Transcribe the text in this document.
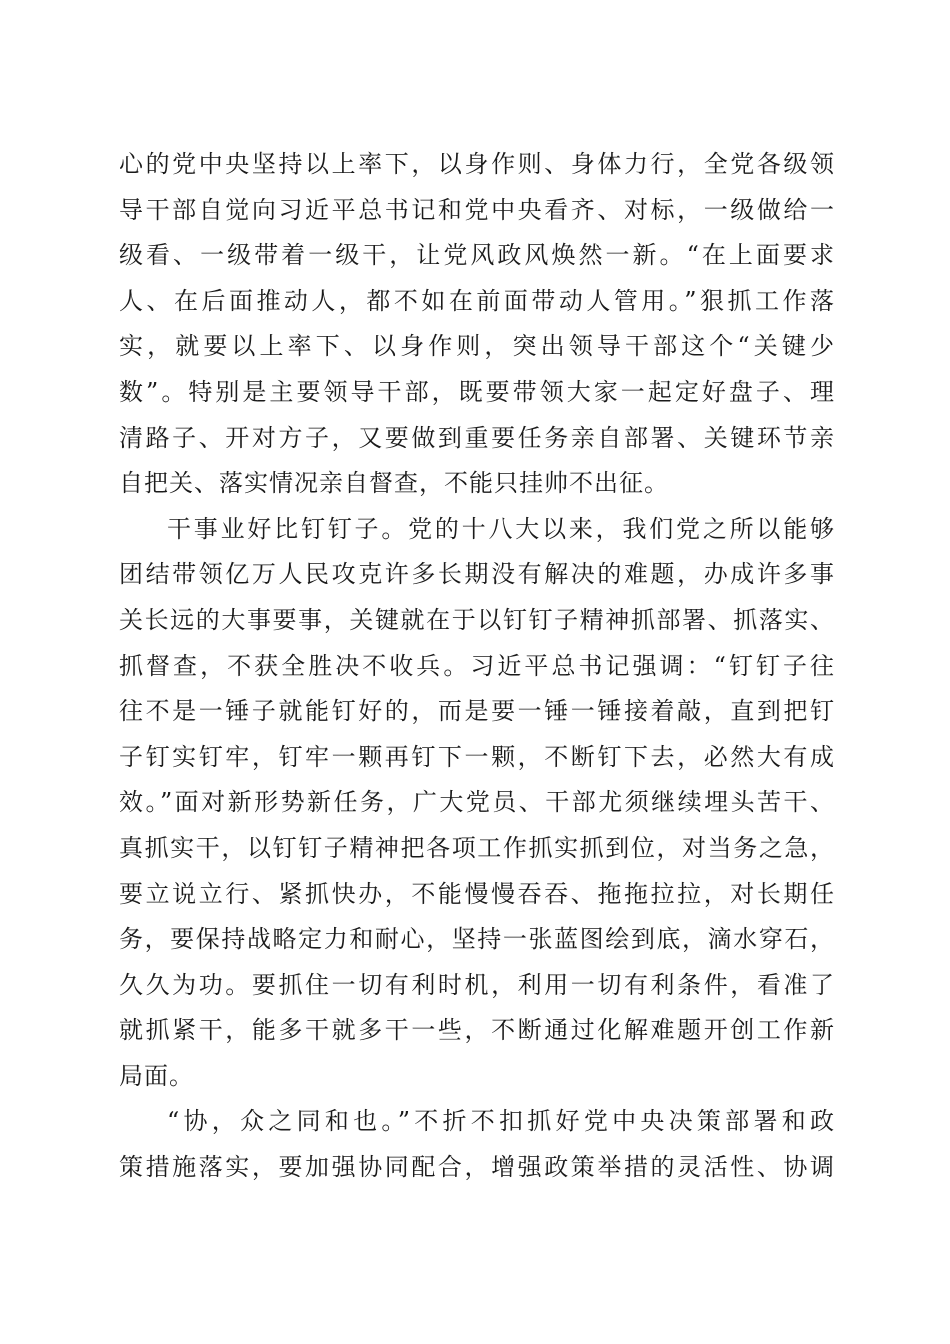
心的党中央坚持以上率下，以身作则、身体力行，全党各级领
导干部自觉向习近平总书记和党中央看齐、对标，一级做给一
级看、一级带着一级干，让党风政风焕然一新。“在上面要求
人、在后面推动人，都不如在前面带动人管用。”狠抓工作落
实，就要以上率下、以身作则，突出领导干部这个“关键少
数”。特别是主要领导干部，既要带领大家一起定好盘子、理
清路子、开对方子，又要做到重要任务亲自部署、关键环节亲
自把关、落实情况亲自督查，不能只挂帅不出征。
干事业好比钉钉子。党的十八大以来，我们党之所以能够
团结带领亿万人民攻克许多长期没有解决的难题，办成许多事
关长远的大事要事，关键就在于以钉钉子精神抓部署、抓落实、
抓督查，不获全胜决不收兵。习近平总书记强调：“钉钉子往
往不是一锤子就能钉好的，而是要一锤一锤接着敲，直到把钉
子钉实钉牢，钉牢一颗再钉下一颗，不断钉下去，必然大有成
效。”面对新形势新任务，广大党员、干部尤须继续埋头苦干、
真抓实干，以钉钉子精神把各项工作抓实抓到位，对当务之急，
要立说立行、紧抓快办，不能慢慢吞吞、拖拖拉拉，对长期任
务，要保持战略定力和耐心，坚持一张蓝图绘到底，滴水穿石，
久久为功。要抓住一切有利时机，利用一切有利条件，看准了
就抓紧干，能多干就多干一些，不断通过化解难题开创工作新
局面。
“协，众之同和也。”不折不扣抓好党中央决策部署和政
策措施落实，要加强协同配合，增强政策举措的灵活性、协调
